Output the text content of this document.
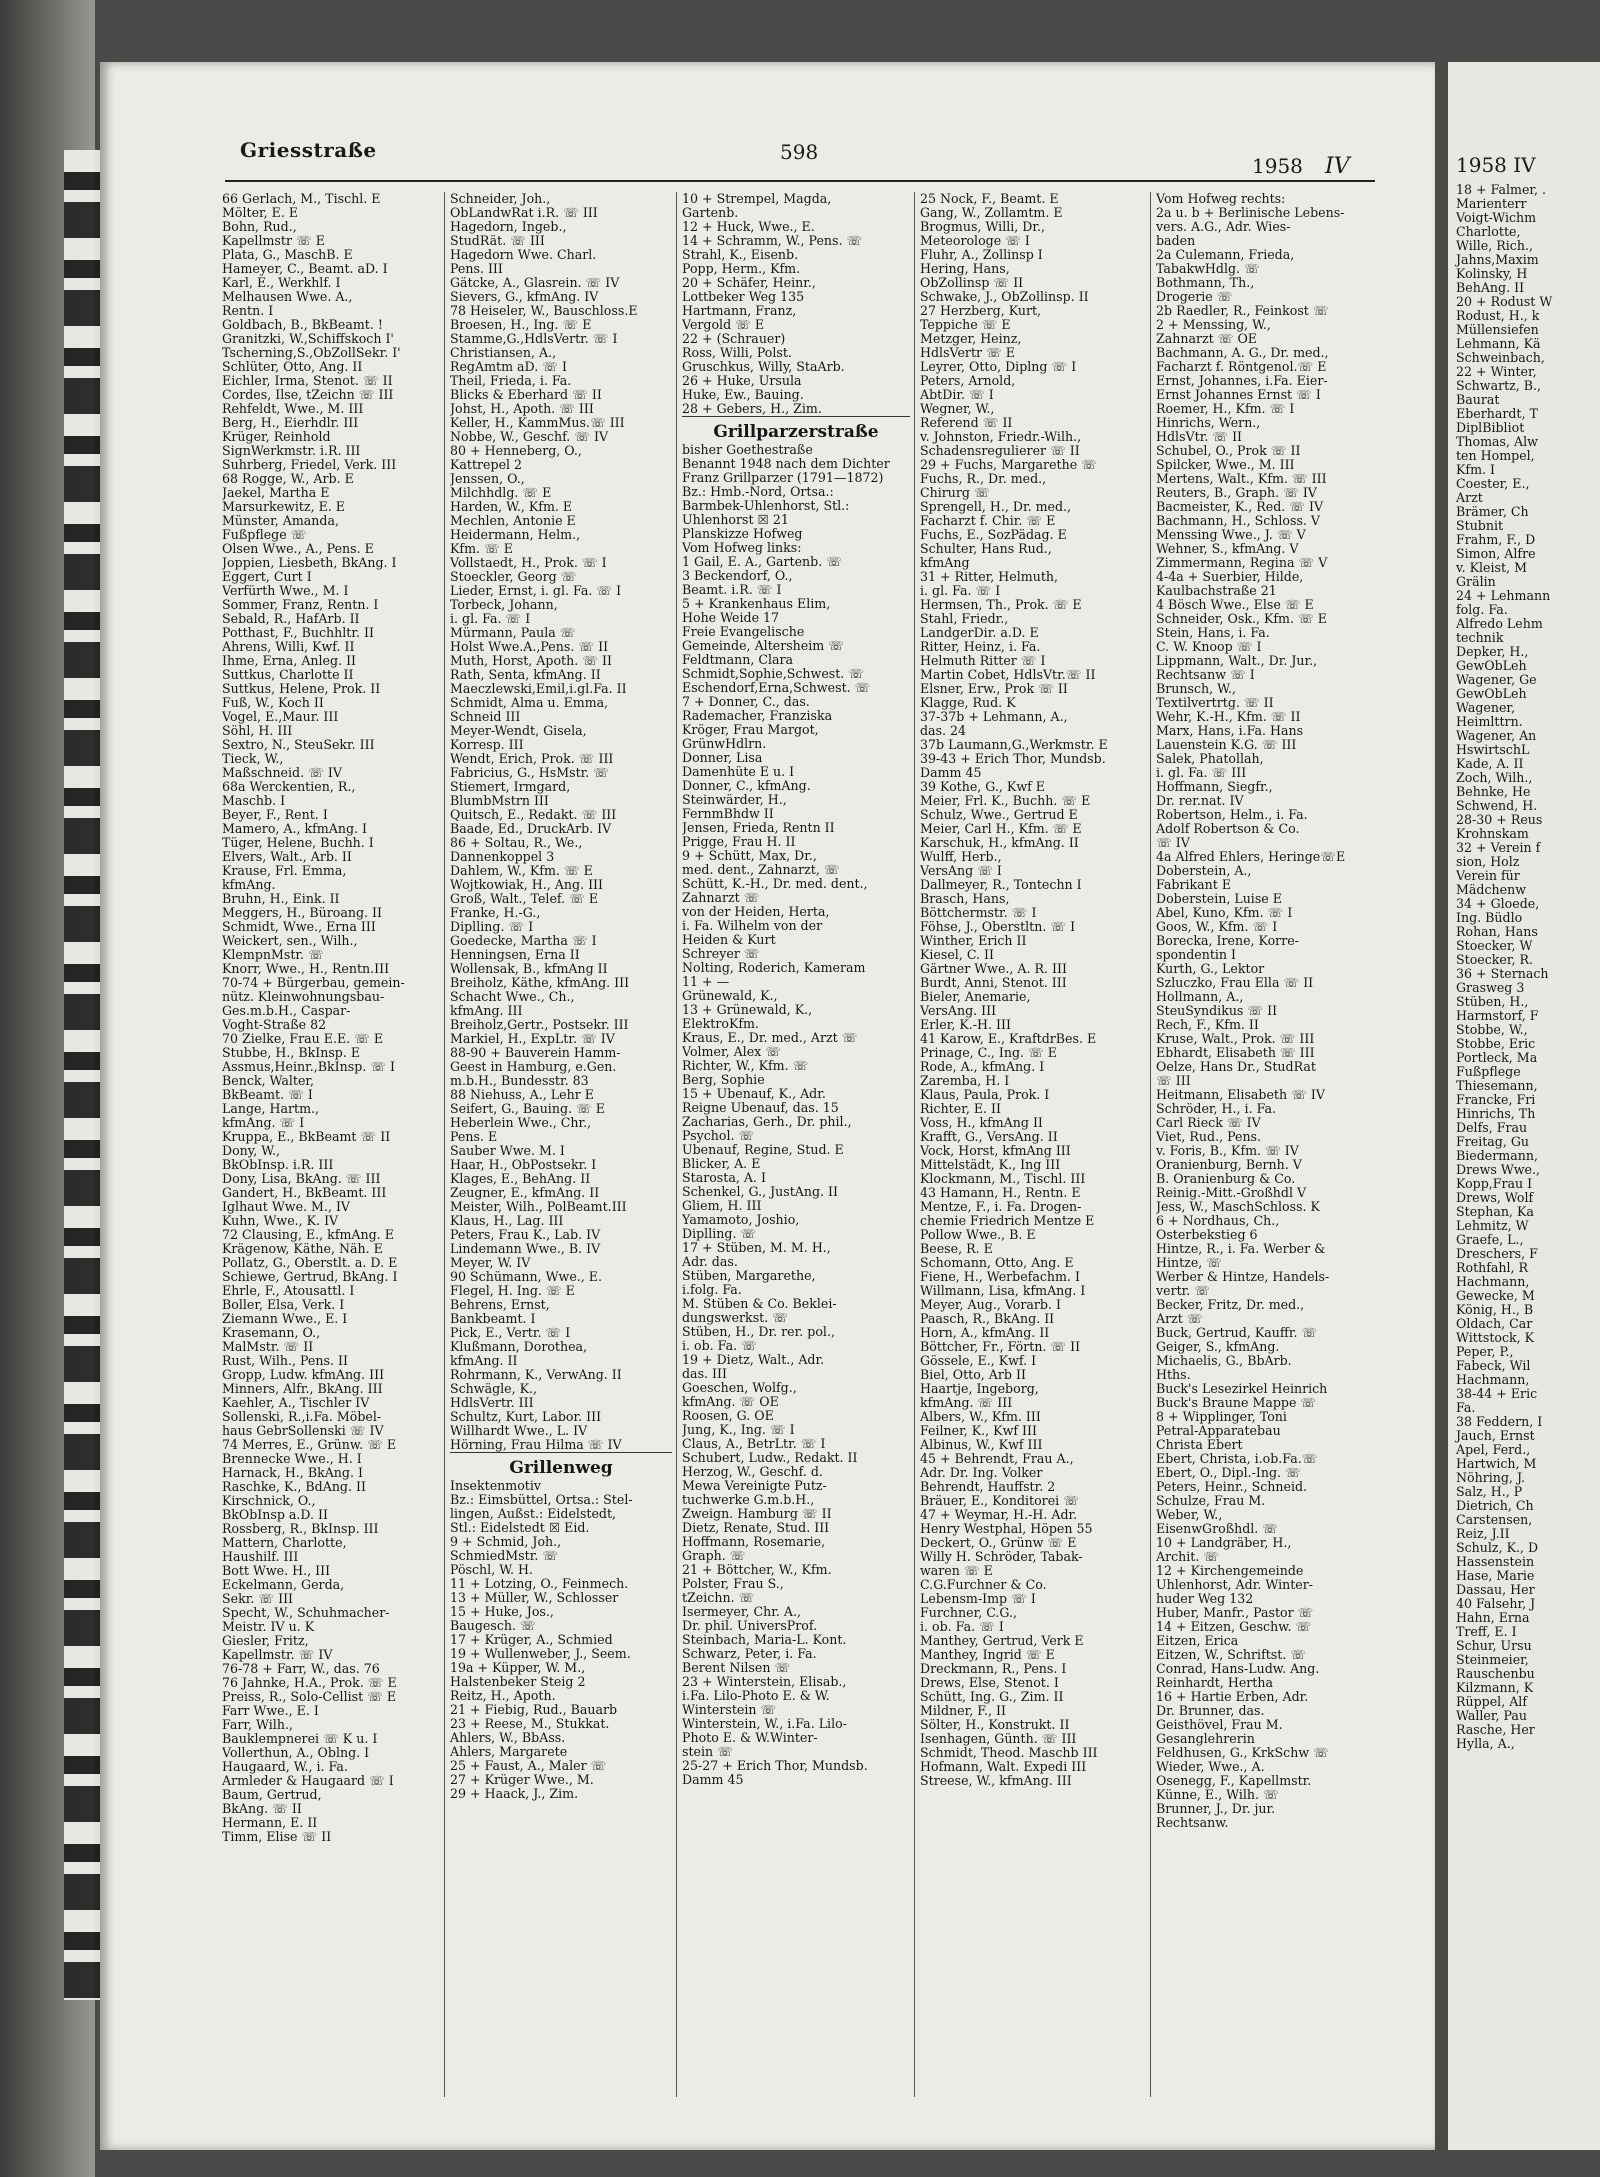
1958 IV
18 + Falmer, .
Marienterr
Voigt-Wichm
Charlotte,
Wille, Rich.,
Jahns,Maxim
Kolinsky, H
BehAng. II
20 + Rodust W
Rodust, H., k
Müllensiefen
Lehmann, Kä
Schweinbach,
22 + Winter,
Schwartz, B.,
Baurat
Eberhardt, T
DiplBibliot
Thomas, Alw
ten Hompel,
Kfm. I
Coester, E.,
Arzt
Brämer, Ch
Stubnit
Frahm, F., D
Simon, Alfre
v. Kleist, M
Grälin
24 + Lehmann
folg. Fa.
Alfredo Lehm
technik
Depker, H.,
GewObLeh
Wagener, Ge
GewObLeh
Wagener,
Heimlttrn.
Wagener, An
HswirtschL
Kade, A. II
Zoch, Wilh.,
Behnke, He
Schwend, H.
28-30 + Reus
Krohnskam
32 + Verein f
sion, Holz
Verein für
Mädchenw
34 + Gloede,
Ing. Büdlo
Rohan, Hans
Stoecker, W
Stoecker, R.
36 + Sternach
Grasweg 3
Stüben, H.,
Harmstorf, F
Stobbe, W.,
Stobbe, Eric
Portleck, Ma
Fußpflege
Thiesemann,
Francke, Fri
Hinrichs, Th
Delfs, Frau
Freitag, Gu
Biedermann,
Drews Wwe.,
Kopp,Frau I
Drews, Wolf
Stephan, Ka
Lehmitz, W
Graefe, L.,
Dreschers, F
Rothfahl, R
Hachmann,
Gewecke, M
König, H., B
Oldach, Car
Wittstock, K
Peper, P.,
Fabeck, Wil
Hachmann,
38-44 + Eric
Fa.
38 Feddern, I
Jauch, Ernst
Apel, Ferd.,
Hartwich, M
Nöhring, J.
Salz, H., P
Dietrich, Ch
Carstensen,
Reiz, J.II
Schulz, K., D
Hassenstein
Hase, Marie
Dassau, Her
40 Falsehr, J
Hahn, Erna
Treff, E. I
Schur, Ursu
Steinmeier,
Rauschenbu
Kilzmann, K
Rüppel, Alf
Waller, Pau
Rasche, Her
Hylla, A.,
Griesstraße	598
1958 IV
66 Gerlach, M., Tischl. E
Mölter, E. E
Bohn, Rud.,
Kapellmstr ☏ E
Plata, G., MaschB. E
Hameyer, C., Beamt. aD. I
Karl, E., Werkhlf. I
Melhausen Wwe. A.,
Rentn. I
Goldbach, B., BkBeamt. !
Granitzki, W.,Schiffskoch I'
Tscherning,S.,ObZollSekr. I'
Schlüter, Otto, Ang. II
Eichler, Irma, Stenot. ☏ II
Cordes, Ilse, tZeichn ☏ III
Rehfeldt, Wwe., M. III
Berg, H., Eierhdlr. III
Krüger, Reinhold
SignWerkmstr. i.R. III
Suhrberg, Friedel, Verk. III
68 Rogge, W., Arb. E
Jaekel, Martha E
Marsurkewitz, E. E
Münster, Amanda,
Fußpflege ☏
Olsen Wwe., A., Pens. E
Joppien, Liesbeth, BkAng. I
Eggert, Curt I
Verfürth Wwe., M. I
Sommer, Franz, Rentn. I
Sebald, R., HafArb. II
Potthast, F., Buchhltr. II
Ahrens, Willi, Kwf. II
Ihme, Erna, Anleg. II
Suttkus, Charlotte II
Suttkus, Helene, Prok. II
Fuß, W., Koch II
Vogel, E.,Maur. III
Söhl, H. III
Sextro, N., SteuSekr. III
Tieck, W.,
Maßschneid. ☏ IV
68a Werckentien, R.,
Maschb. I
Beyer, F., Rent. I
Mamero, A., kfmAng. I
Tüger, Helene, Buchh. I
Elvers, Walt., Arb. II
Krause, Frl. Emma,
kfmAng.
Bruhn, H., Eink. II
Meggers, H., Büroang. II
Schmidt, Wwe., Erna III
Weickert, sen., Wilh.,
KlempnMstr. ☏
Knorr, Wwe., H., Rentn.III
70-74 + Bürgerbau, gemein-
nütz. Kleinwohnungsbau-
Ges.m.b.H., Caspar-
Voght-Straße 82
70 Zielke, Frau E.E. ☏ E
Stubbe, H., BkInsp. E
Assmus,Heinr.,BkInsp. ☏ I
Benck, Walter,
BkBeamt. ☏ I
Lange, Hartm.,
kfmAng. ☏ I
Kruppa, E., BkBeamt ☏ II
Dony, W.,
BkObInsp. i.R. III
Dony, Lisa, BkAng. ☏ III
Gandert, H., BkBeamt. III
Iglhaut Wwe. M., IV
Kuhn, Wwe., K. IV
72 Clausing, E., kfmAng. E
Krägenow, Käthe, Näh. E
Pollatz, G., Oberstlt. a. D. E
Schiewe, Gertrud, BkAng. I
Ehrle, F., Atousattl. I
Boller, Elsa, Verk. I
Ziemann Wwe., E. I
Krasemann, O.,
MalMstr. ☏ II
Rust, Wilh., Pens. II
Gropp, Ludw. kfmAng. III
Minners, Alfr., BkAng. III
Kaehler, A., Tischler IV
Sollenski, R.,i.Fa. Möbel-
haus GebrSollenski ☏ IV
74 Merres, E., Grünw. ☏ E
Brennecke Wwe., H. I
Harnack, H., BkAng. I
Raschke, K., BdAng. II
Kirschnick, O.,
BkObInsp a.D. II
Rossberg, R., BkInsp. III
Mattern, Charlotte,
Haushilf. III
Bott Wwe. H., III
Eckelmann, Gerda,
Sekr. ☏ III
Specht, W., Schuhmacher-
Meistr. IV u. K
Giesler, Fritz,
Kapellmstr. ☏ IV
76-78 + Farr, W., das. 76
76 Jahnke, H.A., Prok. ☏ E
Preiss, R., Solo-Cellist ☏ E
Farr Wwe., E. I
Farr, Wilh.,
Bauklempnerei ☏ K u. I
Vollerthun, A., Oblng. I
Haugaard, W., i. Fa.
Armleder & Haugaard ☏ I
Baum, Gertrud,
BkAng. ☏ II
Hermann, E. II
Timm, Elise ☏ II
Schneider, Joh.,
ObLandwRat i.R. ☏ III
Hagedorn, Ingeb.,
StudRät. ☏ III
Hagedorn Wwe. Charl.
Pens. III
Gätcke, A., Glasrein. ☏ IV
Sievers, G., kfmAng. IV
78 Heiseler, W., Bauschloss.E
Broesen, H., Ing. ☏ E
Stamme,G.,HdlsVertr. ☏ I
Christiansen, A.,
RegAmtm aD. ☏ I
Theil, Frieda, i. Fa.
Blicks & Eberhard ☏ II
Johst, H., Apoth. ☏ III
Keller, H., KammMus.☏ III
Nobbe, W., Geschf. ☏ IV
80 + Henneberg, O.,
Kattrepel 2
Jenssen, O.,
Milchhdlg. ☏ E
Harden, W., Kfm. E
Mechlen, Antonie E
Heidermann, Helm.,
Kfm. ☏ E
Vollstaedt, H., Prok. ☏ I
Stoeckler, Georg ☏
Lieder, Ernst, i. gl. Fa. ☏ I
Torbeck, Johann,
i. gl. Fa. ☏ I
Mürmann, Paula ☏
Holst Wwe.A.,Pens. ☏ II
Muth, Horst, Apoth. ☏ II
Rath, Senta, kfmAng. II
Maeczlewski,Emil,i.gl.Fa. II
Schmidt, Alma u. Emma,
Schneid III
Meyer-Wendt, Gisela,
Korresp. III
Wendt, Erich, Prok. ☏ III
Fabricius, G., HsMstr. ☏
Stiemert, Irmgard,
BlumbMstrn III
Quitsch, E., Redakt. ☏ III
Baade, Ed., DruckArb. IV
86 + Soltau, R., We.,
Dannenkoppel 3
Dahlem, W., Kfm. ☏ E
Wojtkowiak, H., Ang. III
Groß, Walt., Telef. ☏ E
Franke, H.-G.,
Diplling. ☏ I
Goedecke, Martha ☏ I
Henningsen, Erna II
Wollensak, B., kfmAng II
Breiholz, Käthe, kfmAng. III
Schacht Wwe., Ch.,
kfmAng. III
Breiholz,Gertr., Postsekr. III
Markiel, H., ExpLtr. ☏ IV
88-90 + Bauverein Hamm-
Geest in Hamburg, e.Gen.
m.b.H., Bundesstr. 83
88 Niehuss, A., Lehr E
Seifert, G., Bauing. ☏ E
Heberlein Wwe., Chr.,
Pens. E
Sauber Wwe. M. I
Haar, H., ObPostsekr. I
Klages, E., BehAng. II
Zeugner, E., kfmAng. II
Meister, Wilh., PolBeamt.III
Klaus, H., Lag. III
Peters, Frau K., Lab. IV
Lindemann Wwe., B. IV
Meyer, W. IV
90 Schümann, Wwe., E.
Flegel, H. Ing. ☏ E
Behrens, Ernst,
Bankbeamt. I
Pick, E., Vertr. ☏ I
Klußmann, Dorothea,
kfmAng. II
Rohrmann, K., VerwAng. II
Schwägle, K.,
HdlsVertr. III
Schultz, Kurt, Labor. III
Willhardt Wwe., L. IV
Hörning, Frau Hilma ☏ IV
Grillenweg
Insektenmotiv
Bz.: Eimsbüttel, Ortsa.: Stel-
lingen, Außst.: Eidelstedt,
Stl.: Eidelstedt ☒ Eid.
9 + Schmid, Joh.,
SchmiedMstr. ☏
Pöschl, W. H.
11 + Lotzing, O., Feinmech.
13 + Müller, W., Schlosser
15 + Huke, Jos.,
Baugesch. ☏
17 + Krüger, A., Schmied
19 + Wullenweber, J., Seem.
19a + Küpper, W. M.,
Halstenbeker Steig 2
Reitz, H., Apoth.
21 + Fiebig, Rud., Bauarb
23 + Reese, M., Stukkat.
Ahlers, W., BbAss.
Ahlers, Margarete
25 + Faust, A., Maler ☏
27 + Krüger Wwe., M.
29 + Haack, J., Zim.
10 + Strempel, Magda,
Gartenb.
12 + Huck, Wwe., E.
14 + Schramm, W., Pens. ☏
Strahl, K., Eisenb.
Popp, Herm., Kfm.
20 + Schäfer, Heinr.,
Lottbeker Weg 135
Hartmann, Franz,
Vergold ☏ E
22 + (Schrauer)
Ross, Willi, Polst.
Gruschkus, Willy, StaArb.
26 + Huke, Ursula
Huke, Ew., Bauing.
28 + Gebers, H., Zim.
Grillparzerstraße
bisher Goethestraße
Benannt 1948 nach dem Dichter
Franz Grillparzer (1791—1872)
Bz.: Hmb.-Nord, Ortsa.:
Barmbek-Uhlenhorst, Stl.:
Uhlenhorst ☒ 21
Planskizze Hofweg
Vom Hofweg links:
1 Gail, E. A., Gartenb. ☏
3 Beckendorf, O.,
Beamt. i.R. ☏ I
5 + Krankenhaus Elim,
Hohe Weide 17
Freie Evangelische
Gemeinde, Altersheim ☏
Feldtmann, Clara
Schmidt,Sophie,Schwest. ☏
Eschendorf,Erna,Schwest. ☏
7 + Donner, C., das.
Rademacher, Franziska
Kröger, Frau Margot,
GrünwHdlrn.
Donner, Lisa
Damenhüte E u. I
Donner, C., kfmAng.
Steinwärder, H.,
FernmBhdw II
Jensen, Frieda, Rentn II
Prigge, Frau H. II
9 + Schütt, Max, Dr.,
med. dent., Zahnarzt, ☏
Schütt, K.-H., Dr. med. dent.,
Zahnarzt ☏
von der Heiden, Herta,
i. Fa. Wilhelm von der
Heiden & Kurt
Schreyer ☏
Nolting, Roderich, Kameram
11 + —
Grünewald, K.,
13 + Grünewald, K.,
ElektroKfm.
Kraus, E., Dr. med., Arzt ☏
Volmer, Alex ☏
Richter, W., Kfm. ☏
Berg, Sophie
15 + Ubenauf, K., Adr.
Reigne Ubenauf, das. 15
Zacharias, Gerh., Dr. phil.,
Psychol. ☏
Ubenauf, Regine, Stud. E
Blicker, A. E
Starosta, A. I
Schenkel, G., JustAng. II
Gliem, H. III
Yamamoto, Joshio,
Diplling. ☏
17 + Stüben, M. M. H.,
Adr. das.
Stüben, Margarethe,
i.folg. Fa.
M. Stüben & Co. Beklei-
dungswerkst. ☏
Stüben, H., Dr. rer. pol.,
i. ob. Fa. ☏
19 + Dietz, Walt., Adr.
das. III
Goeschen, Wolfg.,
kfmAng. ☏ OE
Roosen, G. OE
Jung, K., Ing. ☏ I
Claus, A., BetrLtr. ☏ I
Schubert, Ludw., Redakt. II
Herzog, W., Geschf. d.
Mewa Vereinigte Putz-
tuchwerke G.m.b.H.,
Zweign. Hamburg ☏ II
Dietz, Renate, Stud. III
Hoffmann, Rosemarie,
Graph. ☏
21 + Böttcher, W., Kfm.
Polster, Frau S.,
tZeichn. ☏
Isermeyer, Chr. A.,
Dr. phil. UniversProf.
Steinbach, Maria-L. Kont.
Schwarz, Peter, i. Fa.
Berent Nilsen ☏
23 + Winterstein, Elisab.,
i.Fa. Lilo-Photo E. & W.
Winterstein ☏
Winterstein, W., i.Fa. Lilo-
Photo E. & W.Winter-
stein ☏
25-27 + Erich Thor, Mundsb.
Damm 45
25 Nock, F., Beamt. E
Gang, W., Zollamtm. E
Brogmus, Willi, Dr.,
Meteorologe ☏ I
Fluhr, A., Zollinsp I
Hering, Hans,
ObZollinsp ☏ II
Schwake, J., ObZollinsp. II
27 Herzberg, Kurt,
Teppiche ☏ E
Metzger, Heinz,
HdlsVertr ☏ E
Leyrer, Otto, Diplng ☏ I
Peters, Arnold,
AbtDir. ☏ I
Wegner, W.,
Referend ☏ II
v. Johnston, Friedr.-Wilh.,
Schadensregulierer ☏ II
29 + Fuchs, Margarethe ☏
Fuchs, R., Dr. med.,
Chirurg ☏
Sprengell, H., Dr. med.,
Facharzt f. Chir. ☏ E
Fuchs, E., SozPädag. E
Schulter, Hans Rud.,
kfmAng
31 + Ritter, Helmuth,
i. gl. Fa. ☏ I
Hermsen, Th., Prok. ☏ E
Stahl, Friedr.,
LandgerDir. a.D. E
Ritter, Heinz, i. Fa.
Helmuth Ritter ☏ I
Martin Cobet, HdlsVtr.☏ II
Elsner, Erw., Prok ☏ II
Klagge, Rud. K
37-37b + Lehmann, A.,
das. 24
37b Laumann,G.,Werkmstr. E
39-43 + Erich Thor, Mundsb.
Damm 45
39 Kothe, G., Kwf E
Meier, Frl. K., Buchh. ☏ E
Schulz, Wwe., Gertrud E
Meier, Carl H., Kfm. ☏ E
Karschuk, H., kfmAng. II
Wulff, Herb.,
VersAng ☏ I
Dallmeyer, R., Tontechn I
Brasch, Hans,
Böttchermstr. ☏ I
Föhse, J., Oberstltn. ☏ I
Winther, Erich II
Kiesel, C. II
Gärtner Wwe., A. R. III
Burdt, Anni, Stenot. III
Bieler, Anemarie,
VersAng. III
Erler, K.-H. III
41 Karow, E., KraftdrBes. E
Prinage, C., Ing. ☏ E
Rode, A., kfmAng. I
Zaremba, H. I
Klaus, Paula, Prok. I
Richter, E. II
Voss, H., kfmAng II
Krafft, G., VersAng. II
Vock, Horst, kfmAng III
Mittelstädt, K., Ing III
Klockmann, M., Tischl. III
43 Hamann, H., Rentn. E
Mentze, F., i. Fa. Drogen-
chemie Friedrich Mentze E
Pollow Wwe., B. E
Beese, R. E
Schomann, Otto, Ang. E
Fiene, H., Werbefachm. I
Willmann, Lisa, kfmAng. I
Meyer, Aug., Vorarb. I
Paasch, R., BkAng. II
Horn, A., kfmAng. II
Böttcher, Fr., Förtn. ☏ II
Gössele, E., Kwf. I
Biel, Otto, Arb II
Haartje, Ingeborg,
kfmAng. ☏ III
Albers, W., Kfm. III
Feilner, K., Kwf III
Albinus, W., Kwf III
45 + Behrendt, Frau A.,
Adr. Dr. Ing. Volker
Behrendt, Hauffstr. 2
Bräuer, E., Konditorei ☏
47 + Weymar, H.-H. Adr.
Henry Westphal, Höpen 55
Deckert, O., Grünw ☏ E
Willy H. Schröder, Tabak-
waren ☏ E
C.G.Furchner & Co.
Lebensm-Imp ☏ I
Furchner, C.G.,
i. ob. Fa. ☏ I
Manthey, Gertrud, Verk E
Manthey, Ingrid ☏ E
Dreckmann, R., Pens. I
Drews, Else, Stenot. I
Schütt, Ing. G., Zim. II
Mildner, F., II
Sölter, H., Konstrukt. II
Isenhagen, Günth. ☏ III
Schmidt, Theod. Maschb III
Hofmann, Walt. Expedi III
Streese, W., kfmAng. III
Vom Hofweg rechts:
2a u. b + Berlinische Lebens-
vers. A.G., Adr. Wies-
baden
2a Culemann, Frieda,
TabakwHdlg. ☏
Bothmann, Th.,
Drogerie ☏
2b Raedler, R., Feinkost ☏
2 + Menssing, W.,
Zahnarzt ☏ OE
Bachmann, A. G., Dr. med.,
Facharzt f. Röntgenol.☏ E
Ernst, Johannes, i.Fa. Eier-
Ernst Johannes Ernst ☏ I
Roemer, H., Kfm. ☏ I
Hinrichs, Wern.,
HdlsVtr. ☏ II
Schubel, O., Prok ☏ II
Spilcker, Wwe., M. III
Mertens, Walt., Kfm. ☏ III
Reuters, B., Graph. ☏ IV
Bacmeister, K., Red. ☏ IV
Bachmann, H., Schloss. V
Menssing Wwe., J. ☏ V
Wehner, S., kfmAng. V
Zimmermann, Regina ☏ V
4-4a + Suerbier, Hilde,
Kaulbachstraße 21
4 Bösch Wwe., Else ☏ E
Schneider, Osk., Kfm. ☏ E
Stein, Hans, i. Fa.
C. W. Knoop ☏ I
Lippmann, Walt., Dr. Jur.,
Rechtsanw ☏ I
Brunsch, W.,
Textilvertrtg. ☏ II
Wehr, K.-H., Kfm. ☏ II
Marx, Hans, i.Fa. Hans
Lauenstein K.G. ☏ III
Salek, Phatollah,
i. gl. Fa. ☏ III
Hoffmann, Siegfr.,
Dr. rer.nat. IV
Robertson, Helm., i. Fa.
Adolf Robertson & Co.
☏ IV
4a Alfred Ehlers, Heringe☏E
Doberstein, A.,
Fabrikant E
Doberstein, Luise E
Abel, Kuno, Kfm. ☏ I
Goos, W., Kfm. ☏ I
Boreckа, Irene, Korre-
spondentin I
Kurth, G., Lektor
Szluczko, Frau Ella ☏ II
Hollmann, A.,
SteuSyndikus ☏ II
Rech, F., Kfm. II
Kruse, Walt., Prok. ☏ III
Ebhardt, Elisabeth ☏ III
Oelze, Hans Dr., StudRat
☏ III
Heitmann, Elisabeth ☏ IV
Schröder, H., i. Fa.
Carl Rieck ☏ IV
Viet, Rud., Pens.
v. Foris, B., Kfm. ☏ IV
Oranienburg, Bernh. V
B. Oranienburg & Co.
Reinig.-Mitt.-Großhdl V
Jess, W., MaschSchloss. K
6 + Nordhaus, Ch.,
Osterbekstieg 6
Hintze, R., i. Fa. Werber &
Hintze, ☏
Werber & Hintze, Handels-
vertr. ☏
Becker, Fritz, Dr. med.,
Arzt ☏
Buck, Gertrud, Kauffr. ☏
Geiger, S., kfmAng.
Michaelis, G., BbArb.
Hths.
Buck's Lesezirkel Heinrich
Buck's Braune Mappe ☏
8 + Wipplinger, Toni
Petral-Apparatebau
Christa Ebert
Ebert, Christa, i.ob.Fa.☏
Ebert, O., Dipl.-Ing. ☏
Peters, Heinr., Schneid.
Schulze, Frau M.
Weber, W.,
EisenwGroßhdl. ☏
10 + Landgräber, H.,
Archit. ☏
12 + Kirchengemeinde
Uhlenhorst, Adr. Winter-
huder Weg 132
Huber, Manfr., Pastor ☏
14 + Eitzen, Geschw. ☏
Eitzen, Erica
Eitzen, W., Schriftst. ☏
Conrad, Hans-Ludw. Ang.
Reinhardt, Hertha
16 + Hartie Erben, Adr.
Dr. Brunner, das.
Geisthövel, Frau M.
Gesanglehrerin
Feldhusen, G., KrkSchw ☏
Wieder, Wwe., A.
Osenegg, F., Kapellmstr.
Künne, E., Wilh. ☏
Brunner, J., Dr. jur.
Rechtsanw.
